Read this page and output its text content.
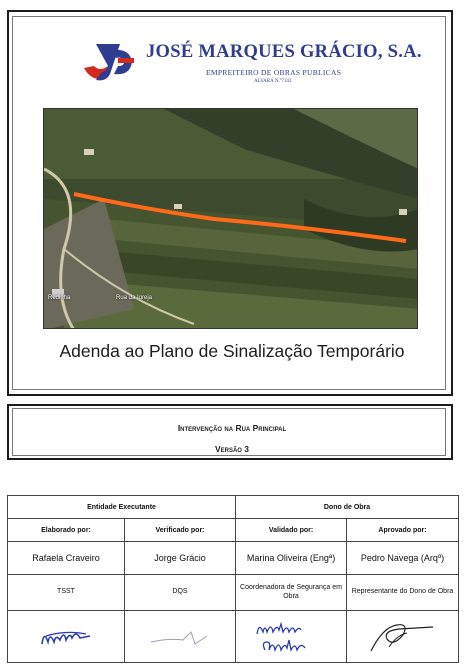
JOSÉ MARQUES GRÁCIO, S.A.
EMPREITEIRO DE OBRAS PUBLICAS
ALVARÁ N.º7143
Redinha	Rua da Igreja
Adenda ao Plano de Sinalização Temporário
Intervenção na Rua Principal
Versão 3
Entidade Executante		Dono de Obra	
Elaborado por:	Verificado por:	Validado por:	Aprovado por:
Rafaela Craveiro	Jorge Grácio	Marina Oliveira (Engª)	Pedro Navega (Arqº)
TSST	DQS	Coordenadora de Segurança em Obra	Representante do Dono de Obra
